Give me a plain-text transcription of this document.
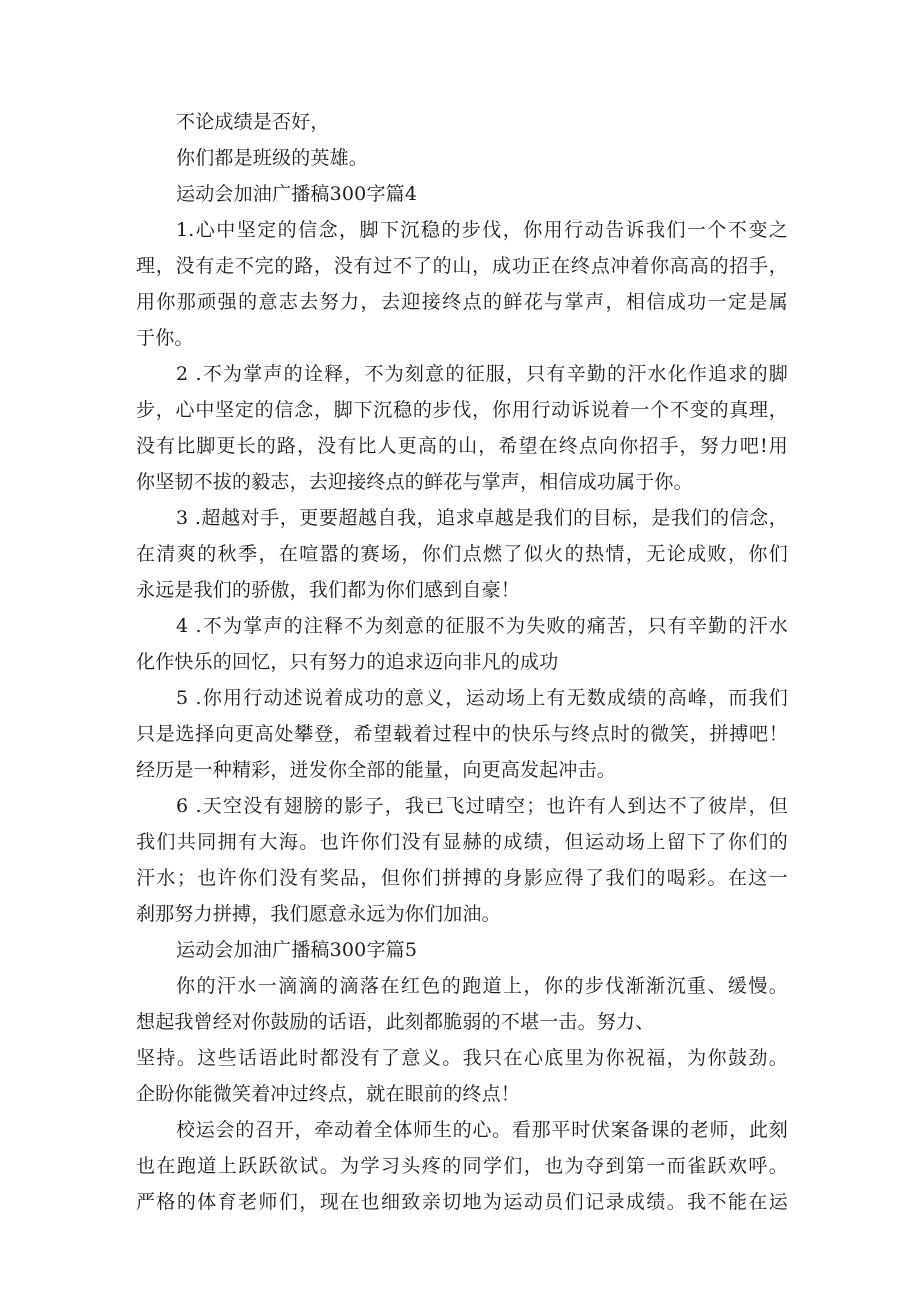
不论成绩是否好，
你们都是班级的英雄。
运动会加油广播稿300字篇4
1.心中坚定的信念，脚下沉稳的步伐，你用行动告诉我们一个不变之
理，没有走不完的路，没有过不了的山，成功正在终点冲着你高高的招手，
用你那顽强的意志去努力，去迎接终点的鲜花与掌声，相信成功一定是属
于你。
2 .不为掌声的诠释，不为刻意的征服，只有辛勤的汗水化作追求的脚
步，心中坚定的信念，脚下沉稳的步伐，你用行动诉说着一个不变的真理，
没有比脚更长的路，没有比人更高的山，希望在终点向你招手，努力吧!用
你坚韧不拔的毅志，去迎接终点的鲜花与掌声，相信成功属于你。
3 .超越对手，更要超越自我，追求卓越是我们的目标，是我们的信念，
在清爽的秋季，在喧嚣的赛场，你们点燃了似火的热情，无论成败，你们
永远是我们的骄傲，我们都为你们感到自豪！
4 .不为掌声的注释不为刻意的征服不为失败的痛苦，只有辛勤的汗水
化作快乐的回忆，只有努力的追求迈向非凡的成功
5 .你用行动述说着成功的意义，运动场上有无数成绩的高峰，而我们
只是选择向更高处攀登，希望载着过程中的快乐与终点时的微笑，拼搏吧！
经历是一种精彩，迸发你全部的能量，向更高发起冲击。
6 .天空没有翅膀的影子，我已飞过晴空；也许有人到达不了彼岸，但
我们共同拥有大海。也许你们没有显赫的成绩，但运动场上留下了你们的
汗水；也许你们没有奖品，但你们拼搏的身影应得了我们的喝彩。在这一
刹那努力拼搏，我们愿意永远为你们加油。
运动会加油广播稿300字篇5
你的汗水一滴滴的滴落在红色的跑道上，你的步伐渐渐沉重、缓慢。
想起我曾经对你鼓励的话语，此刻都脆弱的不堪一击。努力、
坚持。这些话语此时都没有了意义。我只在心底里为你祝福，为你鼓劲。
企盼你能微笑着冲过终点，就在眼前的终点！
校运会的召开，牵动着全体师生的心。看那平时伏案备课的老师，此刻
也在跑道上跃跃欲试。为学习头疼的同学们，也为夺到第一而雀跃欢呼。
严格的体育老师们，现在也细致亲切地为运动员们记录成绩。我不能在运
